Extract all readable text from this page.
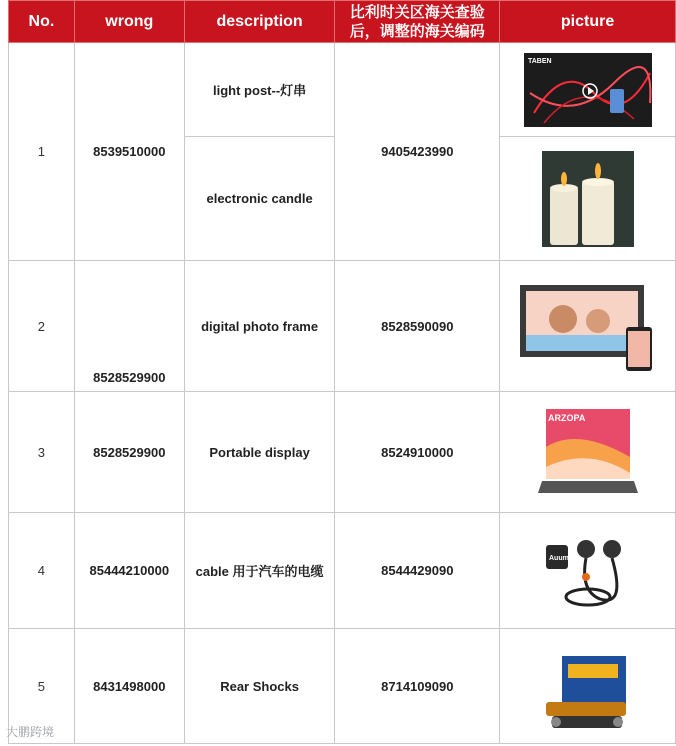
No.	wrong	description	比利时关区海关查验后，调整的海关编码	picture
1	8539510000	light post--灯串	9405423990	TABEN

		electronic candle	

2	8528529900	digital photo frame	8528590090	

3	8528529900	Portable display	8524910000	ARZOPA

4	85444210000	cable 用于汽车的电缆	8544429090	Auum

5	8431498000	Rear Shocks	8714109090	
大鹏跨境
